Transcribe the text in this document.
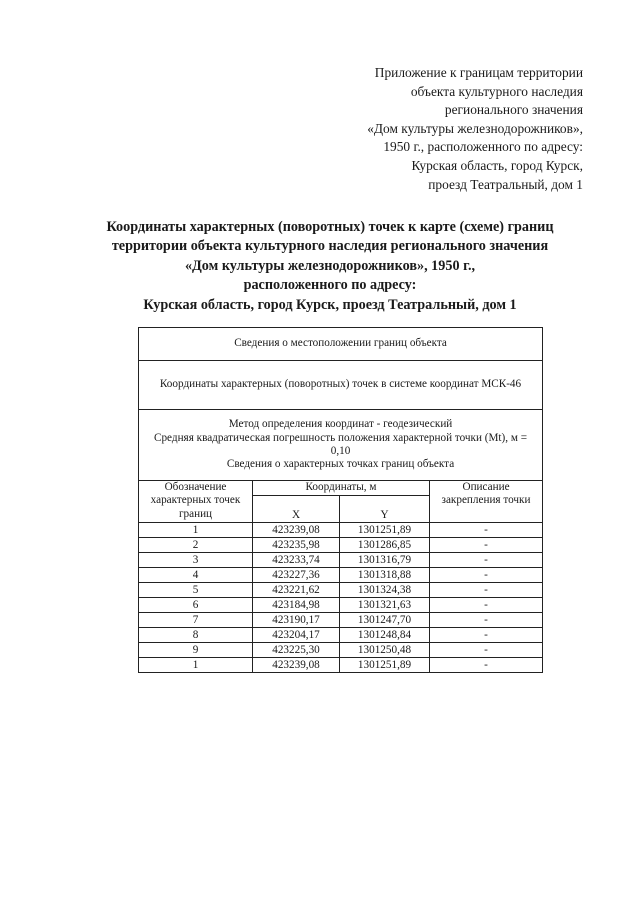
Приложение к границам территории
объекта культурного наследия
регионального значения
«Дом культуры железнодорожников»,
1950 г., расположенного по адресу:
Курская область, город Курск,
проезд Театральный, дом 1
Координаты характерных (поворотных) точек к карте (схеме) границ
территории объекта культурного наследия регионального значения
«Дом культуры железнодорожников», 1950 г.,
расположенного по адресу:
Курская область, город Курск, проезд Театральный, дом 1
Сведения о местоположении границ объекта			
Координаты характерных (поворотных) точек в системе координат МСК-46			

Метод определения координат - геодезический
Средняя квадратическая погрешность положения характерной точки (Mt), м = 0,10
Сведения о характерных точках границ объекта			

Обозначение характерных точек границ	Координаты, м		Описание закрепления точки
	X	Y	
1	423239,08	1301251,89	-
2	423235,98	1301286,85	-
3	423233,74	1301316,79	-
4	423227,36	1301318,88	-
5	423221,62	1301324,38	-
6	423184,98	1301321,63	-
7	423190,17	1301247,70	-
8	423204,17	1301248,84	-
9	423225,30	1301250,48	-
1	423239,08	1301251,89	-
